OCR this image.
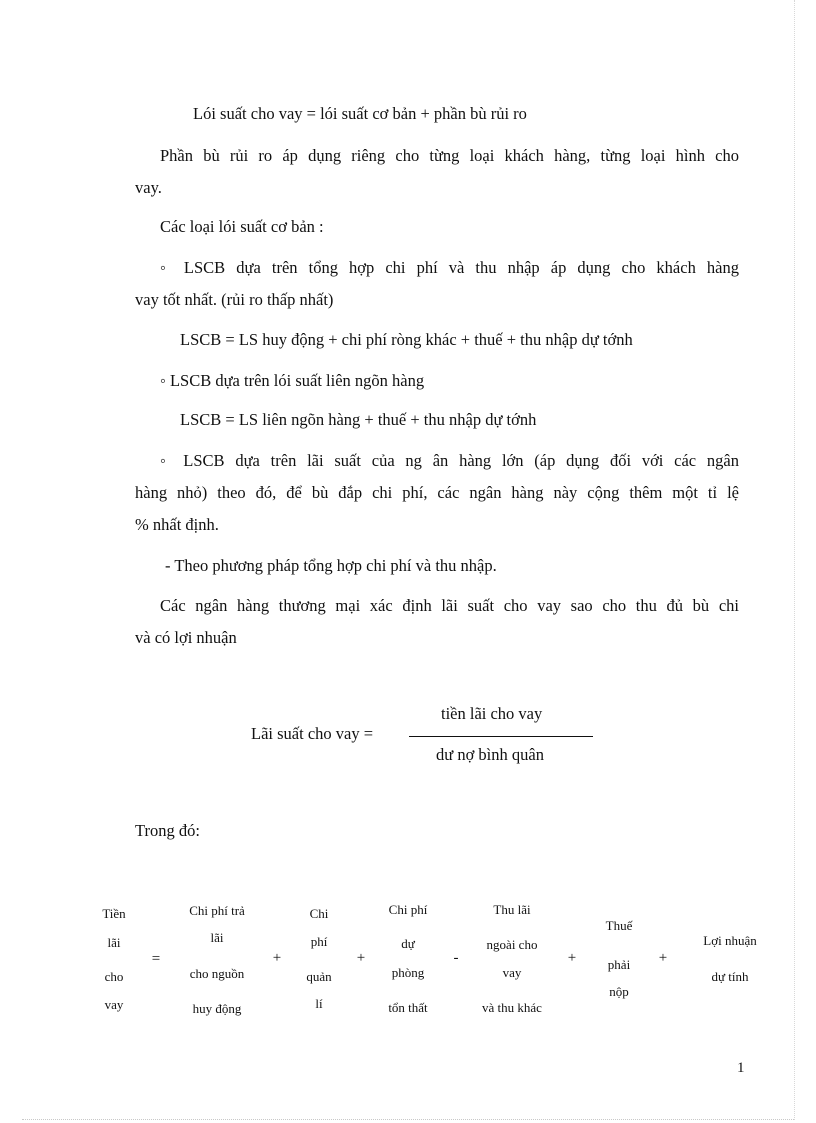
Lói suất cho vay = lói suất cơ bản + phần bù rủi ro
Phần bù rủi ro áp dụng riêng cho từng loại khách hàng, từng loại hình cho
vay.
Các loại lói suất cơ bản :
◦ LSCB dựa trên tổng hợp chi phí và thu nhập áp dụng cho khách hàng
vay tốt nhất. (rủi ro thấp nhất)
LSCB = LS huy động + chi phí ròng khác + thuế + thu nhập dự tớnh
◦ LSCB dựa trên lói suất liên ngõn hàng
LSCB = LS liên ngõn hàng + thuế + thu nhập dự tớnh
◦ LSCB dựa trên lãi suất của ng ân hàng lớn (áp dụng đối với các ngân
hàng nhỏ) theo đó, để bù đắp chi phí, các ngân hàng này cộng thêm một tỉ lệ
% nhất định.
- Theo phương pháp tổng hợp chi phí và thu nhập.
Các ngân hàng thương mại xác định lãi suất cho vay sao cho thu đủ bù chi
và có lợi nhuận
Lãi suất cho vay =
tiền lãi cho vay
dư nợ bình quân
Trong đó:
Tiền
lãi
cho
vay
=
Chi phí trả
lãi
cho nguồn
huy động
+
Chi
phí
quản
lí
+
Chi phí
dự
phòng
tổn thất
-
Thu lãi
ngoài cho
vay
và thu khác
+
Thuế
phải
nộp
+
Lợi nhuận
dự tính
1
